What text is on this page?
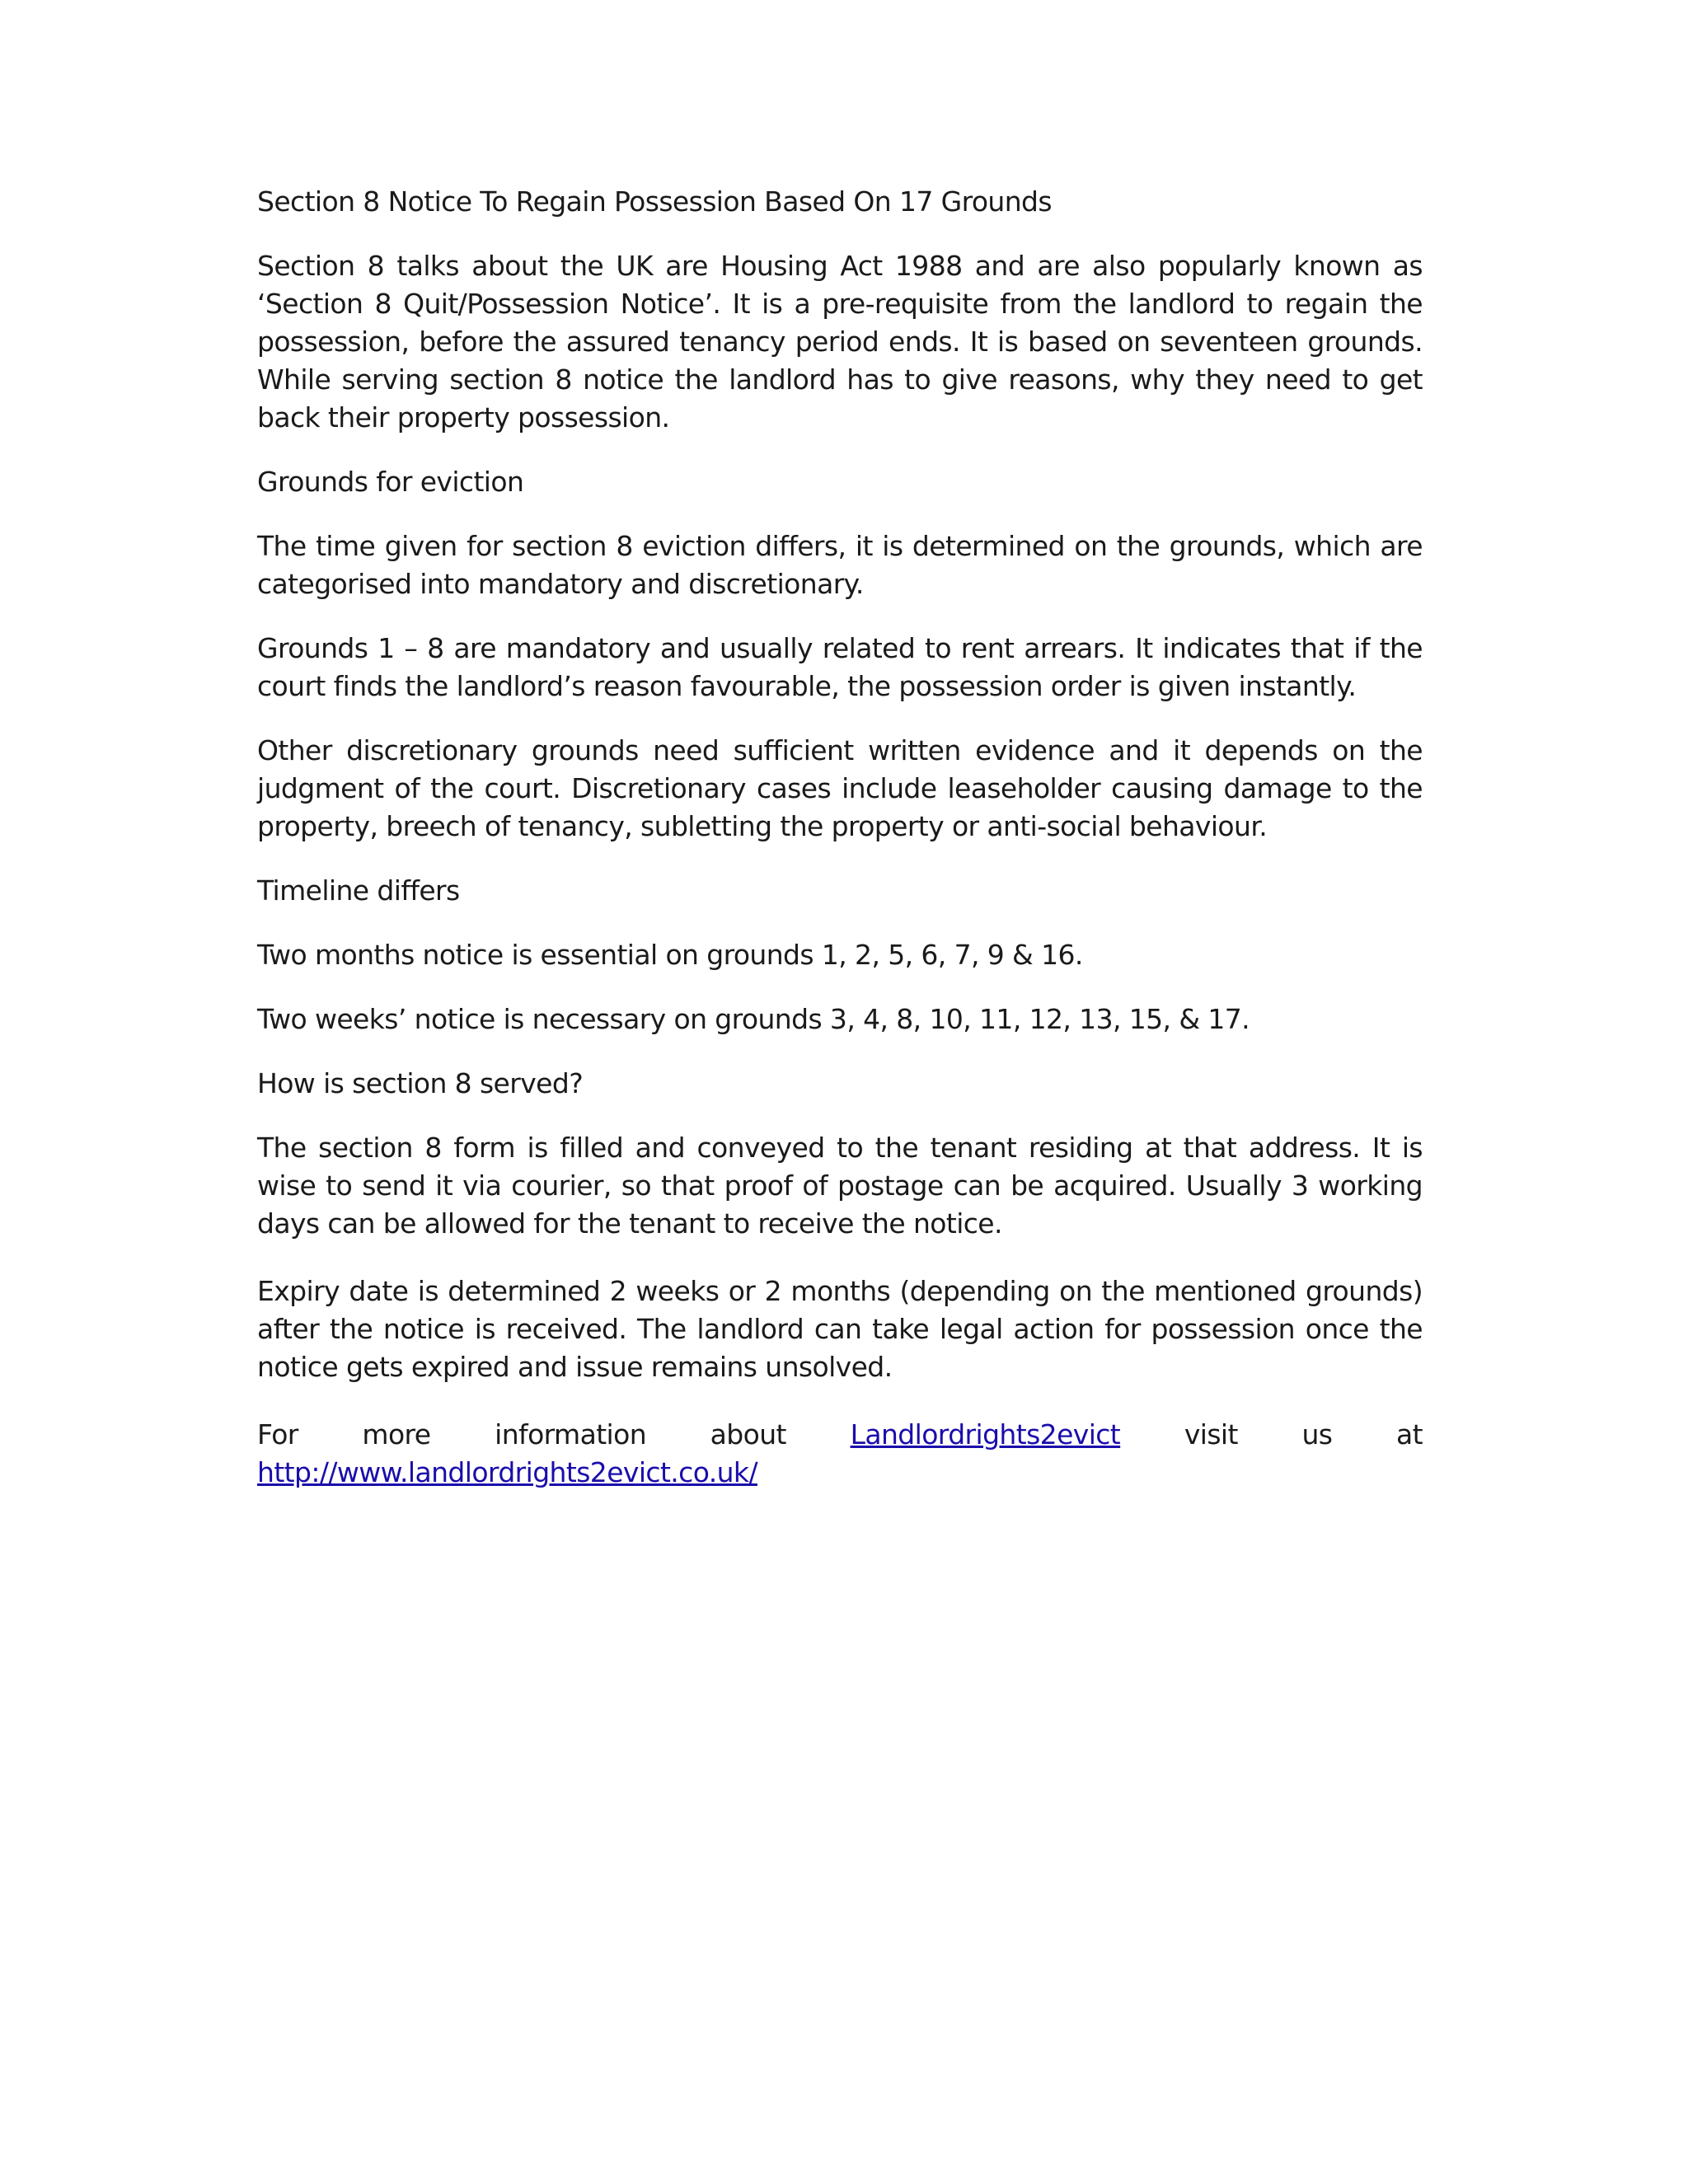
Section 8 Notice To Regain Possession Based On 17 Grounds

Section 8 talks about the UK are Housing Act 1988 and are also popularly known as ‘Section 8 Quit/Possession Notice’. It is a pre-requisite from the landlord to regain the possession, before the assured tenancy period ends. It is based on seventeen grounds. While serving section 8 notice the landlord has to give reasons, why they need to get back their property possession.

Grounds for eviction

The time given for section 8 eviction differs, it is determined on the grounds, which are categorised into mandatory and discretionary.

Grounds 1 – 8 are mandatory and usually related to rent arrears. It indicates that if the court finds the landlord’s reason favourable, the possession order is given instantly.

Other discretionary grounds need sufficient written evidence and it depends on the judgment of the court. Discretionary cases include leaseholder causing damage to the property, breech of tenancy, subletting the property or anti-social behaviour.

Timeline differs

Two months notice is essential on grounds 1, 2, 5, 6, 7, 9 & 16.

Two weeks’ notice is necessary on grounds 3, 4, 8, 10, 11, 12, 13, 15, & 17.

How is section 8 served?

The section 8 form is filled and conveyed to the tenant residing at that address. It is wise to send it via courier, so that proof of postage can be acquired. Usually 3 working days can be allowed for the tenant to receive the notice.

Expiry date is determined 2 weeks or 2 months (depending on the mentioned grounds) after the notice is received. The landlord can take legal action for possession once the notice gets expired and issue remains unsolved.

For more information about Landlordrights2evict visit us at

http://www.landlordrights2evict.co.uk/
